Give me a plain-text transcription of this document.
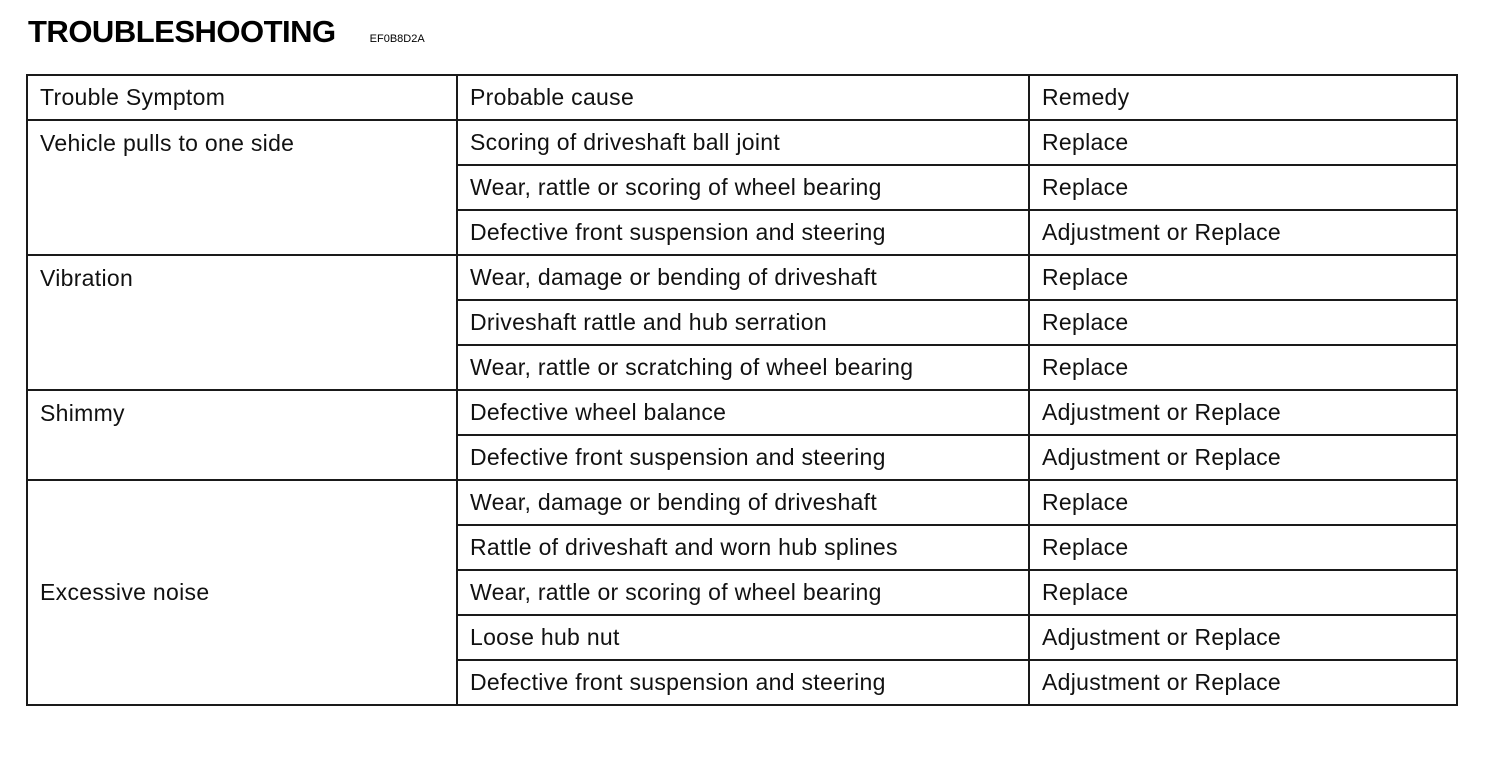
TROUBLESHOOTING	EF0B8D2A
Trouble Symptom	Probable cause	Remedy
Vehicle pulls to one side	Scoring of driveshaft ball joint	Replace
	Wear, rattle or scoring of wheel bearing	Replace
	Defective front suspension and steering	Adjustment or Replace
Vibration	Wear, damage or bending of driveshaft	Replace
	Driveshaft rattle and hub serration	Replace
	Wear, rattle or scratching of wheel bearing	Replace
Shimmy	Defective wheel balance	Adjustment or Replace
	Defective front suspension and steering	Adjustment or Replace
Excessive noise	Wear, damage or bending of driveshaft	Replace
	Rattle of driveshaft and worn hub splines	Replace
	Wear, rattle or scoring of wheel bearing	Replace
	Loose hub nut	Adjustment or Replace
	Defective front suspension and steering	Adjustment or Replace
